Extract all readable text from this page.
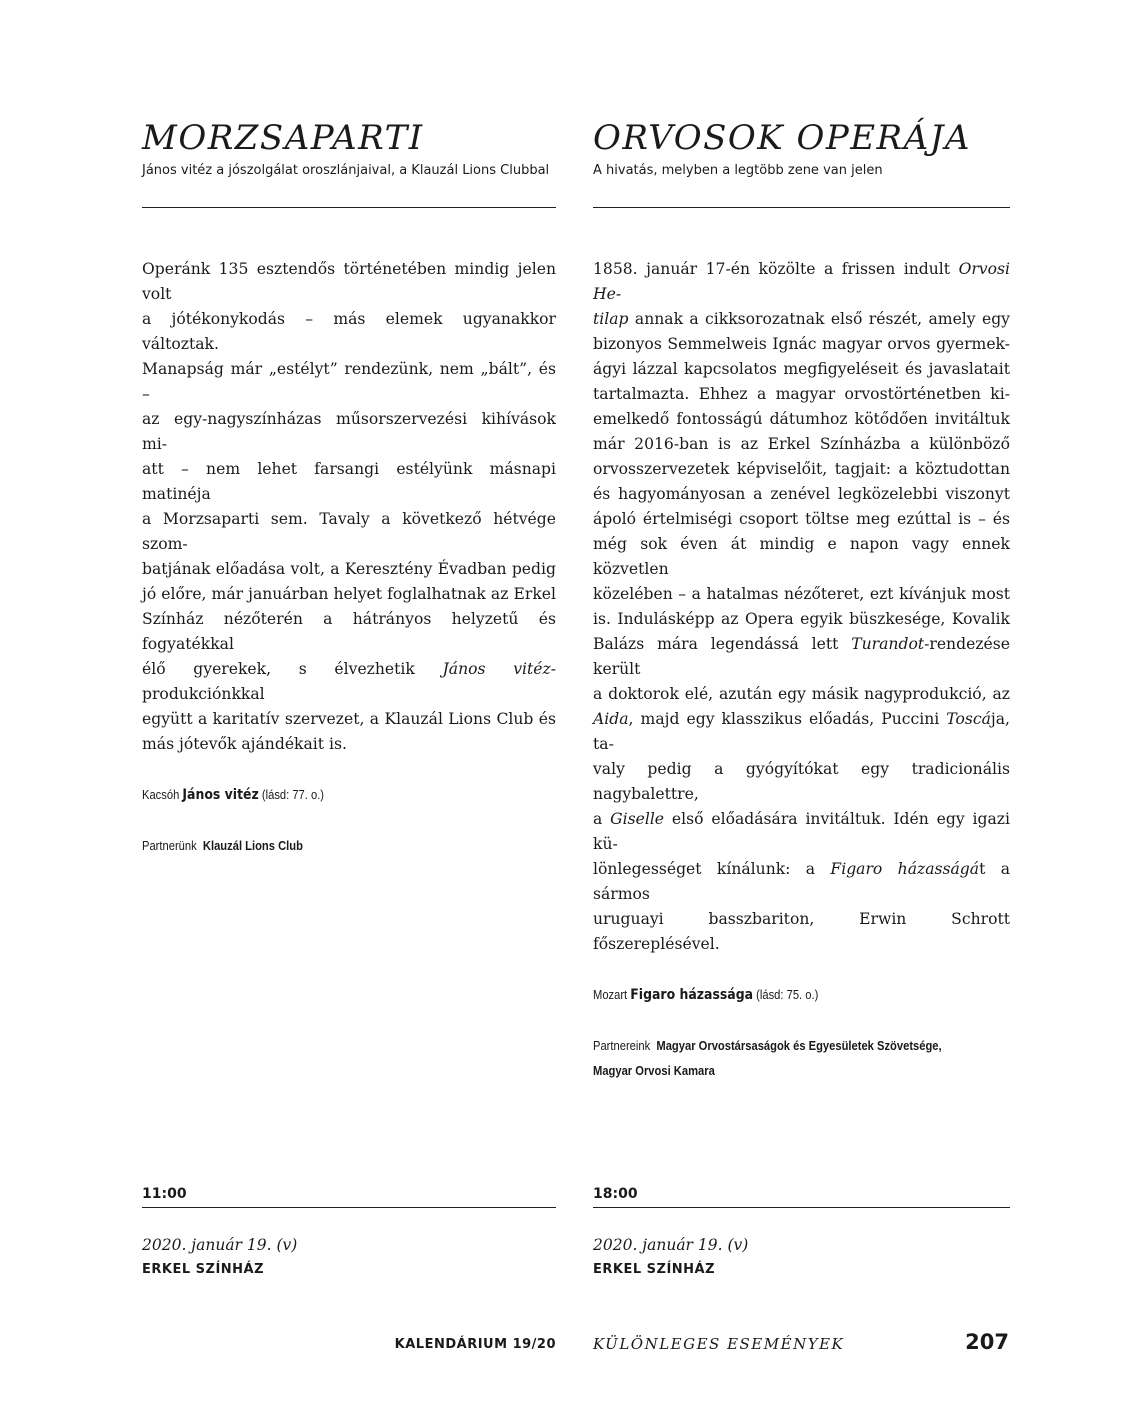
MORZSAPARTI

János vitéz a jószolgálat oroszlánjaival, a Klauzál Lions Clubbal

Operánk 135 esztendős történetében mindig jelen volt
a jótékonykodás – más elemek ugyanakkor változtak.
Manapság már „estélyt” rendezünk, nem „bált”, és –
az egy-nagyszínházas műsorszervezési kihívások mi-
att – nem lehet farsangi estélyünk másnapi matinéja
a Morzsaparti sem. Tavaly a következő hétvége szom-
batjának előadása volt, a Keresztény Évadban pedig
jó előre, már januárban helyet foglalhatnak az Erkel
Színház nézőterén a hátrányos helyzetű és fogyatékkal
élő gyerekek, s élvezhetik János vitéz-produkciónkkal
együtt a karitatív szervezet, a Klauzál Lions Club és
más jótevők ajándékait is.

Kacsóh János vitéz (lásd: 77. o.)
Partnerünk Klauzál Lions Club

11:00

2020. január 19. (v)

ERKEL SZÍNHÁZ

ORVOSOK OPERÁJA

A hivatás, melyben a legtöbb zene van jelen

1858. január 17-én közölte a frissen indult Orvosi He-
tilap annak a cikksorozatnak első részét, amely egy
bizonyos Semmelweis Ignác magyar orvos gyermek-
ágyi lázzal kapcsolatos megfigyeléseit és javaslatait
tartalmazta. Ehhez a magyar orvostörténetben ki-
emelkedő fontosságú dátumhoz kötődően invitáltuk
már 2016-ban is az Erkel Színházba a különböző
orvosszervezetek képviselőit, tagjait: a köztudottan
és hagyományosan a zenével legközelebbi viszonyt
ápoló értelmiségi csoport töltse meg ezúttal is – és
még sok éven át mindig e napon vagy ennek közvetlen
közelében – a hatalmas nézőteret, ezt kívánjuk most
is. Indulásképp az Opera egyik büszkesége, Kovalik
Balázs mára legendássá lett Turandot-rendezése került
a doktorok elé, azután egy másik nagyprodukció, az
Aida, majd egy klasszikus előadás, Puccini Toscája, ta-
valy pedig a gyógyítókat egy tradicionális nagybalettre,
a Giselle első előadására invitáltuk. Idén egy igazi kü-
lönlegességet kínálunk: a Figaro házasságát a sármos
uruguayi basszbariton, Erwin Schrott főszereplésével.

Mozart Figaro házassága (lásd: 75. o.)
Partnereink Magyar Orvostársaságok és Egyesületek Szövetsége,
Magyar Orvosi Kamara

18:00

2020. január 19. (v)

ERKEL SZÍNHÁZ

KALENDÁRIUM 19/20 KÜLÖNLEGES ESEMÉNYEK	207
